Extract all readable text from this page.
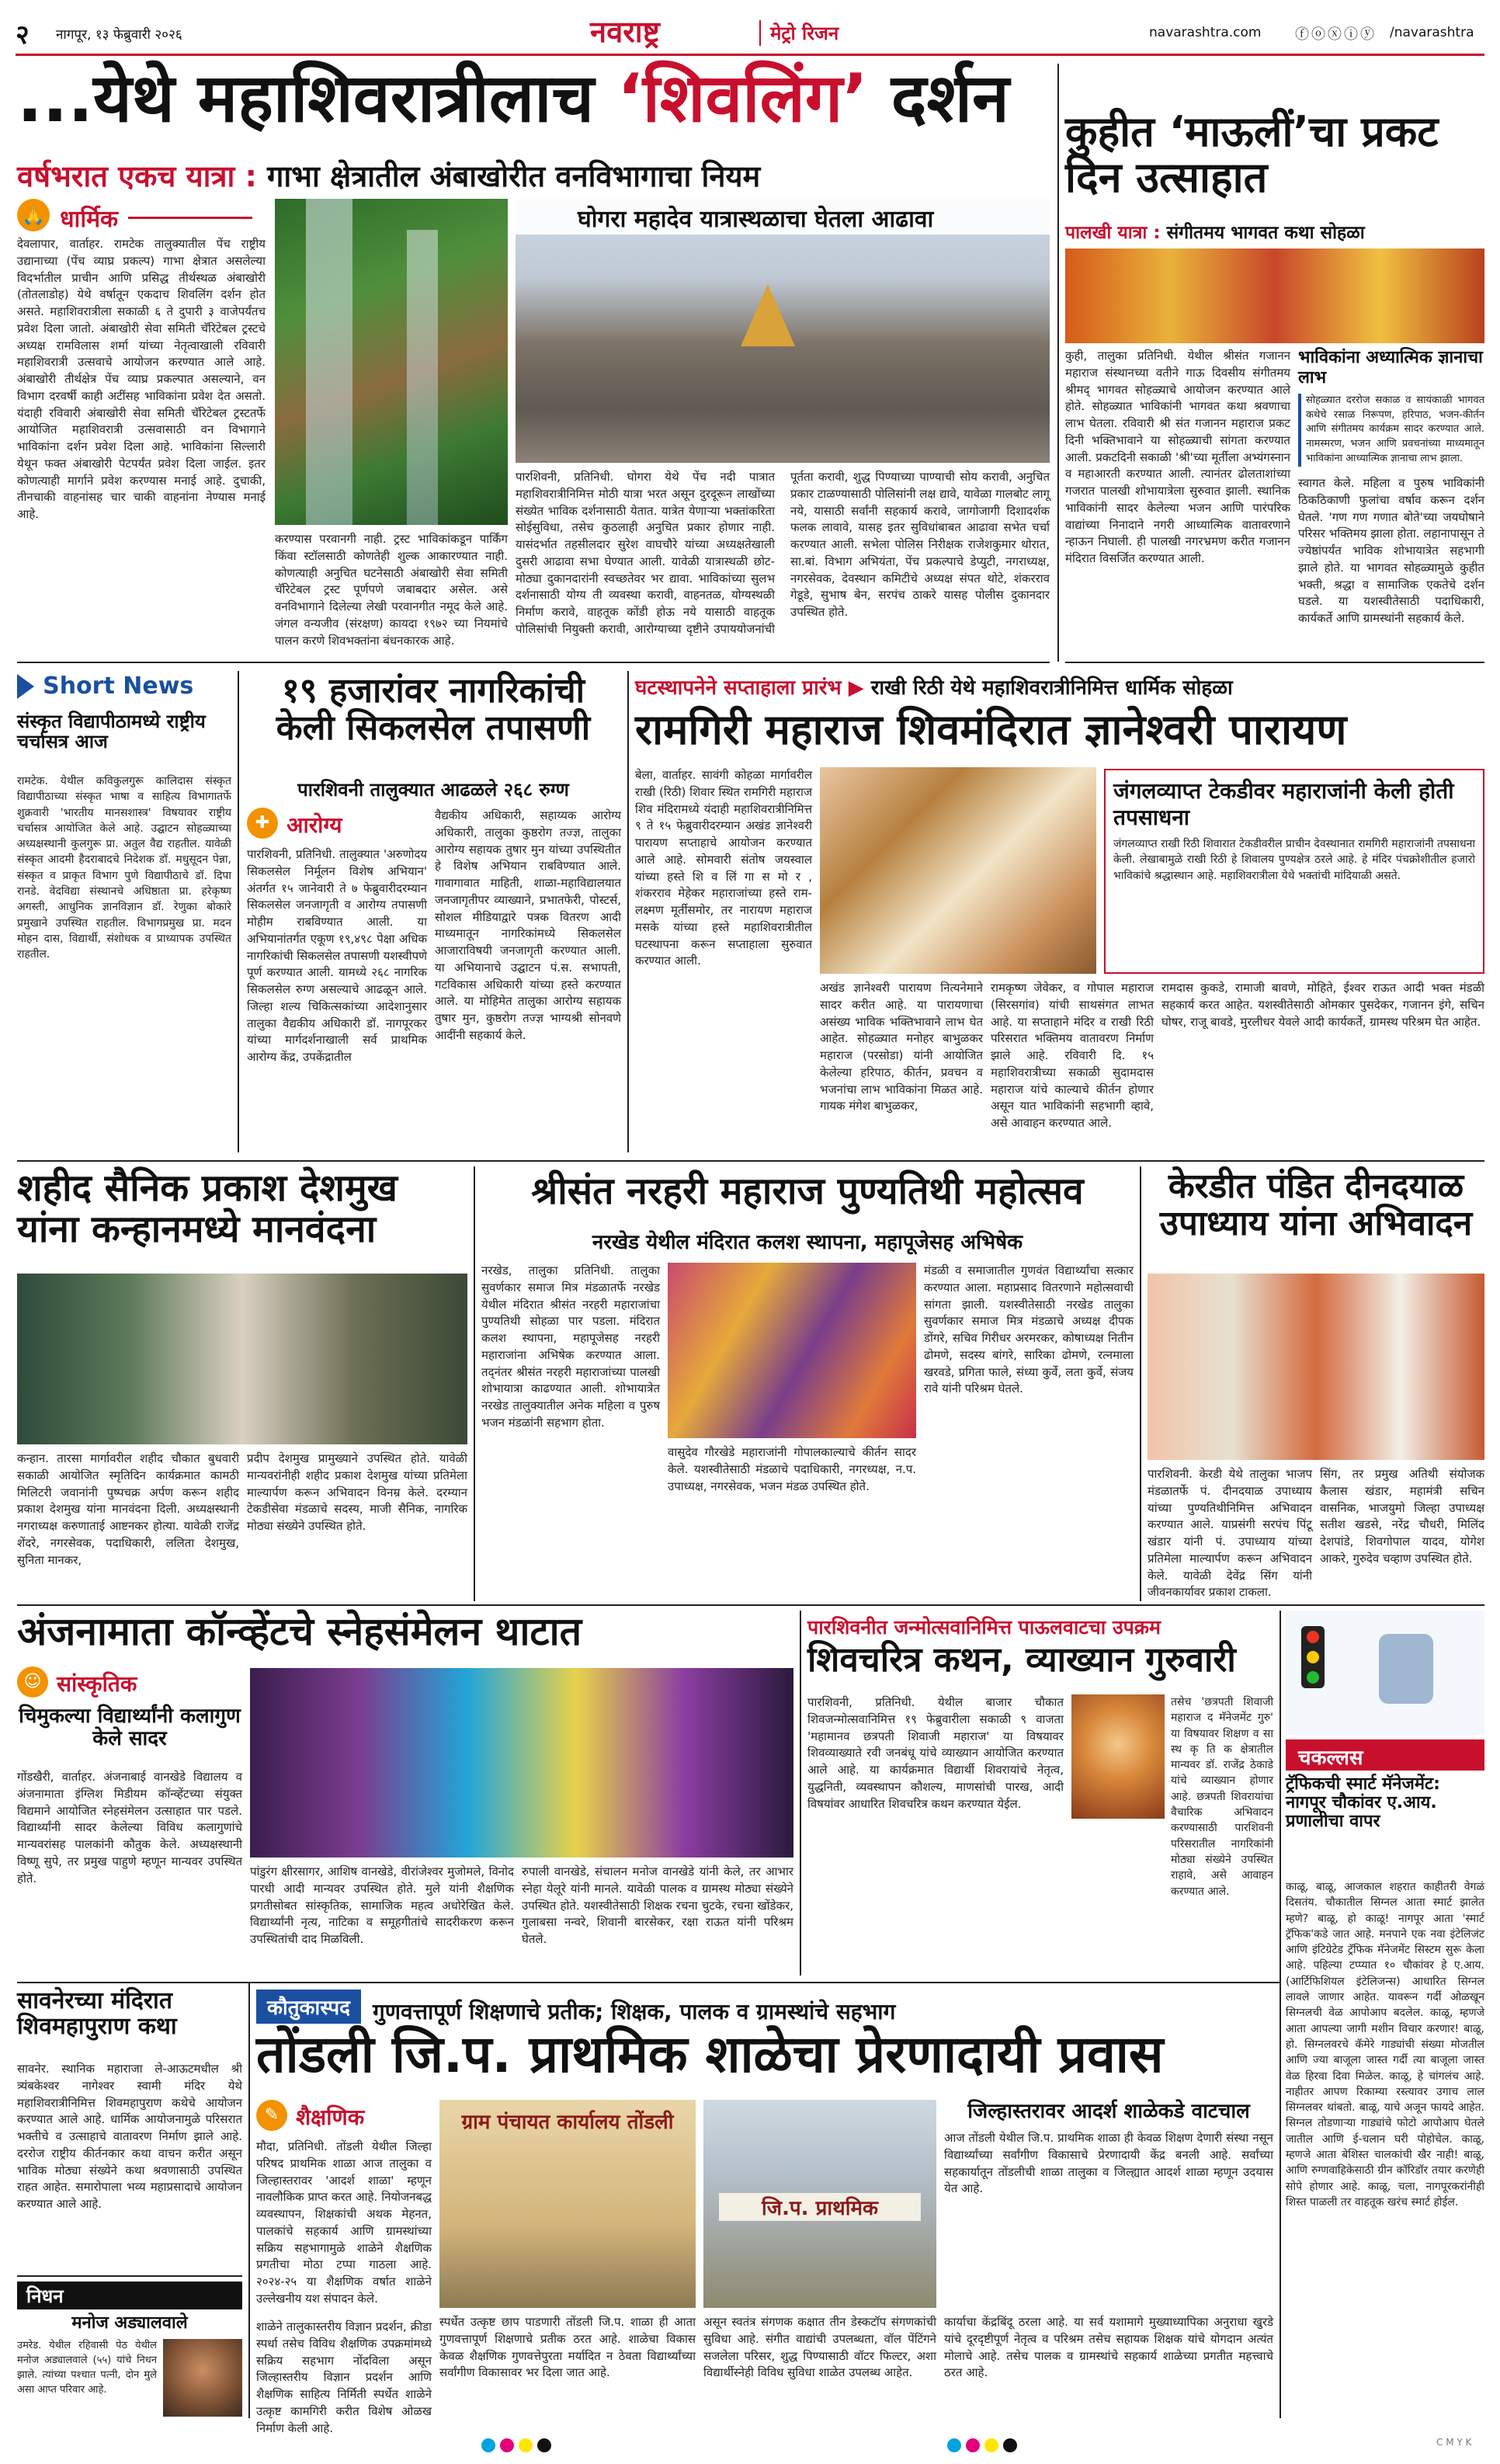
२ नागपूर, १३ फेब्रुवारी २०२६	नवराष्ट्र	मेट्रो रिजन	navarashtra.com ⓕⓞⓧⓘⓨ /navarashtra
...येथे महाशिवरात्रीलाच ‘शिवलिंग’ दर्शन
वर्षभरात एकच यात्रा : गाभा क्षेत्रातील अंबाखोरीत वनविभागाचा नियम
🙏 धार्मिक
देवलापार, वार्ताहर. रामटेक तालुक्यातील पेंच राष्ट्रीय उद्यानाच्या (पेंच व्याघ्र प्रकल्प) गाभा क्षेत्रात असलेल्या विदर्भातील प्राचीन आणि प्रसिद्ध तीर्थस्थळ अंबाखोरी (तोतलाडोह) येथे वर्षातून एकदाच शिवलिंग दर्शन होत असते. महाशिवरात्रीला सकाळी ६ ते दुपारी ३ वाजेपर्यंतच प्रवेश दिला जातो. अंबाखोरी सेवा समिती चॅरिटेबल ट्रस्टचे अध्यक्ष रामविलास शर्मा यांच्या नेतृत्वाखाली रविवारी महाशिवरात्री उत्सवाचे आयोजन करण्यात आले आहे. अंबाखोरी तीर्थक्षेत्र पेंच व्याघ्र प्रकल्पात असल्याने, वन विभाग दरवर्षी काही अटींसह भाविकांना प्रवेश देत असतो. यंदाही रविवारी अंबाखोरी सेवा समिती चॅरिटेबल ट्रस्टतर्फे आयोजित महाशिवरात्री उत्सवासाठी वन विभागाने भाविकांना दर्शन प्रवेश दिला आहे. भाविकांना सिल्लारी येथून फक्त अंबाखोरी पेटपर्यंत प्रवेश दिला जाईल. इतर कोणत्याही मार्गाने प्रवेश करण्यास मनाई आहे. दुचाकी, तीनचाकी वाहनांसह चार चाकी वाहनांना नेण्यास मनाई आहे.
करण्यास परवानगी नाही. ट्रस्ट भाविकांकडून पार्किंग किंवा स्टॉलसाठी कोणतेही शुल्क आकारण्यात नाही. कोणत्याही अनुचित घटनेसाठी अंबाखोरी सेवा समिती चॅरिटेबल ट्रस्ट पूर्णपणे जबाबदार असेल. असे वनविभागाने दिलेल्या लेखी परवानगीत नमूद केले आहे. जंगल वन्यजीव (संरक्षण) कायदा १९७२ च्या नियमांचे पालन करणे शिवभक्तांना बंधनकारक आहे.
घोगरा महादेव यात्रास्थळाचा घेतला आढावा
पारशिवनी, प्रतिनिधी. घोगरा येथे पेंच नदी पात्रात महाशिवरात्रीनिमित्त मोठी यात्रा भरत असून दुरदूरून लाखोंच्या संख्येत भाविक दर्शनासाठी येतात. यात्रेत येणाऱ्या भक्तांकरिता सोईसुविधा, तसेच कुठलाही अनुचित प्रकार होणार नाही. यासंदर्भात तहसीलदार सुरेश वाघचौरे यांच्या अध्यक्षतेखाली दुसरी आढावा सभा घेण्यात आली. यावेळी यात्रास्थळी छोट-मोठ्या दुकानदारांनी स्वच्छतेवर भर द्यावा. भाविकांच्या सुलभ दर्शनासाठी योग्य ती व्यवस्था करावी, वाहनतळ, योग्यस्थळी निर्माण करावे, वाहतूक कोंडी होऊ नये यासाठी वाहतूक पोलिसांची नियुक्ती करावी, आरोग्याच्या दृष्टीने उपाययोजनांची पूर्तता करावी, शुद्ध पिण्याच्या पाण्याची सोय करावी, अनुचित प्रकार टाळण्यासाठी पोलिसांनी लक्ष द्यावे, यावेळा गालबोट लागू नये, यासाठी सर्वांनी सहकार्य करावे, जागोजागी दिशादर्शक फलक लावावे, यासह इतर सुविधांबाबत आढावा सभेत चर्चा करण्यात आली. सभेला पोलिस निरीक्षक राजेशकुमार थोरात, सा.बां. विभाग अभियंता, पेंच प्रकल्पाचे डेप्युटी, नगराध्यक्ष, नगरसेवक, देवस्थान कमिटीचे अध्यक्ष संपत थोटे, शंकरराव गेडूडे, सुभाष बेन, सरपंच ठाकरे यासह पोलीस दुकानदार उपस्थित होते.
कुहीत ‘माऊलीं’चा प्रकट दिन उत्साहात
पालखी यात्रा : संगीतमय भागवत कथा सोहळा
भाविकांना अध्यात्मिक ज्ञानाचा लाभ
सोहळ्यात दररोज सकाळ व सायंकाळी भागवत कथेचे रसाळ निरूपण, हरिपाठ, भजन-कीर्तन आणि संगीतमय कार्यक्रम सादर करण्यात आले. नामस्मरण, भजन आणि प्रवचनांच्या माध्यमातून भाविकांना आध्यात्मिक ज्ञानाचा लाभ झाला.
कुही, तालुका प्रतिनिधी. येथील श्रीसंत गजानन महाराज संस्थानच्या वतीने गाऊ दिवसीय संगीतमय श्रीमद् भागवत सोहळ्याचे आयोजन करण्यात आले होते. सोहळ्यात भाविकांनी भागवत कथा श्रवणाचा लाभ घेतला. रविवारी श्री संत गजानन महाराज प्रकट दिनी भक्तिभावाने या सोहळ्याची सांगता करण्यात आली. प्रकटदिनी सकाळी 'श्री'च्या मूर्तीला अभ्यंगस्नान व महाआरती करण्यात आली. त्यानंतर ढोलताशांच्या गजरात पालखी शोभायात्रेला सुरुवात झाली. स्थानिक भाविकांनी सादर केलेल्या भजन आणि पारंपरिक वाद्यांच्या निनादाने नगरी आध्यात्मिक वातावरणाने न्हाऊन निघाली. ही पालखी नगरभ्रमण करीत गजानन मंदिरात विसर्जित करण्यात आली.
स्वागत केले. महिला व पुरुष भाविकांनी ठिकठिकाणी फुलांचा वर्षाव करून दर्शन घेतले. 'गण गण गणात बोते'च्या जयघोषाने परिसर भक्तिमय झाला होता. लहानापासून ते ज्येष्ठांपर्यंत भाविक शोभायात्रेत सहभागी झाले होते. या भागवत सोहळ्यामुळे कुहीत भक्ती, श्रद्धा व सामाजिक एकतेचे दर्शन घडले. या यशस्वीतेसाठी पदाधिकारी, कार्यकर्ते आणि ग्रामस्थांनी सहकार्य केले.
Short News
संस्कृत विद्यापीठामध्ये राष्ट्रीय चर्चासत्र आज
रामटेक. येथील कविकुलगुरू कालिदास संस्कृत विद्यापीठाच्या संस्कृत भाषा व साहित्य विभागातर्फे शुक्रवारी 'भारतीय मानसशास्त्र' विषयावर राष्ट्रीय चर्चासत्र आयोजित केले आहे. उद्घाटन सोहळ्याच्या अध्यक्षस्थानी कुलगुरू प्रा. अतुल वैद्य राहतील. यावेळी संस्कृत आदमी हैदराबादचे निदेशक डॉ. मधुसूदन पेन्ना, संस्कृत व प्राकृत विभाग पुणे विद्यापीठाचे डॉ. दिपा रानडे. वेदविद्या संस्थानचे अधिष्ठाता प्रा. हरेकृष्ण अगस्ती, आधुनिक ज्ञानविज्ञान डॉ. रेणुका बोकारे प्रमुखाने उपस्थित राहतील. विभागप्रमुख प्रा. मदन मोहन दास, विद्यार्थी, संशोधक व प्राध्यापक उपस्थित राहतील.
१९ हजारांवर नागरिकांची केली सिकलसेल तपासणी
पारशिवनी तालुक्यात आढळले २६८ रुग्ण
✚ आरोग्य
पारशिवनी, प्रतिनिधी. तालुक्यात 'अरुणोदय सिकलसेल निर्मूलन विशेष अभियान' अंतर्गत १५ जानेवारी ते ७ फेब्रुवारीदरम्यान सिकलसेल जनजागृती व आरोग्य तपासणी मोहीम राबविण्यात आली. या अभियानांतर्गत एकूण १९,४९८ पेक्षा अधिक नागरिकांची सिकलसेल तपासणी यशस्वीपणे पूर्ण करण्यात आली. यामध्ये २६८ नागरिक सिकलसेल रुग्ण असल्याचे आढळून आले. जिल्हा शल्य चिकित्सकांच्या आदेशानुसार तालुका वैद्यकीय अधिकारी डॉ. नागपूरकर यांच्या मार्गदर्शनाखाली सर्व प्राथमिक आरोग्य केंद्र, उपकेंद्रातील
वैद्यकीय अधिकारी, सहाय्यक आरोग्य अधिकारी, तालुका कुष्ठरोग तज्ज्ञ, तालुका आरोग्य सहायक तुषार मुन यांच्या उपस्थितीत हे विशेष अभियान राबविण्यात आले. गावागावात माहिती, शाळा-महाविद्यालयात जनजागृतीपर व्याख्याने, प्रभातफेरी, पोस्टर्स, सोशल मीडियाद्वारे पत्रक वितरण आदी माध्यमातून नागरिकांमध्ये सिकलसेल आजाराविषयी जनजागृती करण्यात आली. या अभियानाचे उद्घाटन पं.स. सभापती, गटविकास अधिकारी यांच्या हस्ते करण्यात आले. या मोहिमेत तालुका आरोग्य सहायक तुषार मुन, कुष्ठरोग तज्ज्ञ भाग्यश्री सोनवणे आदींनी सहकार्य केले.
घटस्थापनेने सप्ताहाला प्रारंभ ▶ राखी रिठी येथे महाशिवरात्रीनिमित्त धार्मिक सोहळा
रामगिरी महाराज शिवमंदिरात ज्ञानेश्वरी पारायण
बेला, वार्ताहर. सावंगी कोहळा मार्गावरील राखी (रिठी) शिवार स्थित रामगिरी महाराज शिव मंदिरामध्ये यंदाही महाशिवरात्रीनिमित्त ९ ते १५ फेब्रुवारीदरम्यान अखंड ज्ञानेश्वरी पारायण सप्ताहाचे आयोजन करण्यात आले आहे. सोमवारी संतोष जयस्वाल यांच्या हस्ते शि व लिं गा स मो र , शंकरराव मेहेकर महाराजांच्या हस्ते राम-लक्ष्मण मूर्तीसमोर, तर नारायण महाराज मसके यांच्या हस्ते महाशिवरात्रीतील घटस्थापना करून सप्ताहाला सुरुवात करण्यात आली.
जंगलव्याप्त टेकडीवर महाराजांनी केली होती तपसाधना
जंगलव्याप्त राखी रिठी शिवारात टेकडीवरील प्राचीन देवस्थानात रामगिरी महाराजांनी तपसाधना केली. लेखाबामुळे राखी रिठी हे शिवालय पुण्यक्षेत्र ठरले आहे. हे मंदिर पंचक्रोशीतील हजारो भाविकांचे श्रद्धास्थान आहे. महाशिवरात्रीला येथे भक्तांची मांदियाळी असते.
अखंड ज्ञानेश्वरी पारायण नित्यनेमाने सादर करीत आहे. या पारायणाचा असंख्य भाविक भक्तिभावाने लाभ घेत आहेत. सोहळ्यात मनोहर बाभुळकर महाराज (परसोडा) यांनी आयोजित केलेल्या हरिपाठ, कीर्तन, प्रवचन व भजनांचा लाभ भाविकांना मिळत आहे. गायक मंगेश बाभुळकर,
रामकृष्ण जेवेकर, व गोपाल महाराज (सिरसगांव) यांची साथसंगत लाभत आहे. या सप्ताहाने मंदिर व राखी रिठी परिसरात भक्तिमय वातावरण निर्माण झाले आहे. रविवारी दि. १५ महाशिवरात्रीच्या सकाळी सुदामदास महाराज यांचे काल्याचे कीर्तन होणार असून यात भाविकांनी सहभागी व्हावे, असे आवाहन करण्यात आले.
रामदास कुकडे, रामाजी बावणे, मोहिते, ईश्वर राऊत आदी भक्त मंडळी सहकार्य करत आहेत. यशस्वीतेसाठी ओमकार पुसदेकर, गजानन इंगे, सचिन घोषर, राजू बावडे, मुरलीधर येवले आदी कार्यकर्ते, ग्रामस्थ परिश्रम घेत आहेत.
शहीद सैनिक प्रकाश देशमुख यांना कन्हानमध्ये मानवंदना
कन्हान. तारसा मार्गावरील शहीद चौकात बुधवारी सकाळी आयोजित स्मृतिदिन कार्यक्रमात कामठी मिलिटरी जवानांनी पुष्पचक्र अर्पण करून शहीद प्रकाश देशमुख यांना मानवंदना दिली. अध्यक्षस्थानी नगराध्यक्ष करुणाताई आष्टनकर होत्या. यावेळी राजेंद्र शेंदरे, नगरसेवक, पदाधिकारी, ललिता देशमुख, सुनिता मानकर,
प्रदीप देशमुख प्रामुख्याने उपस्थित होते. यावेळी मान्यवरांनीही शहीद प्रकाश देशमुख यांच्या प्रतिमेला माल्यार्पण करून अभिवादन विनम्र केले. दरम्यान टेकडीसेवा मंडळाचे सदस्य, माजी सैनिक, नागरिक मोठ्या संख्येने उपस्थित होते.
श्रीसंत नरहरी महाराज पुण्यतिथी महोत्सव
नरखेड येथील मंदिरात कलश स्थापना, महापूजेसह अभिषेक
नरखेड, तालुका प्रतिनिधी. तालुका सुवर्णकार समाज मित्र मंडळातर्फे नरखेड येथील मंदिरात श्रीसंत नरहरी महाराजांचा पुण्यतिथी सोहळा पार पडला. मंदिरात कलश स्थापना, महापूजेसह नरहरी महाराजांना अभिषेक करण्यात आला. तद्नंतर श्रीसंत नरहरी महाराजांच्या पालखी शोभायात्रा काढण्यात आली. शोभायात्रेत नरखेड तालुक्यातील अनेक महिला व पुरुष भजन मंडळांनी सहभाग होता.
वासुदेव गौरखेडे महाराजांनी गोपालकाल्याचे कीर्तन सादर केले. यशस्वीतेसाठी मंडळाचे पदाधिकारी, नगरध्यक्ष, न.प. उपाध्यक्ष, नगरसेवक, भजन मंडळ उपस्थित होते.
मंडळी व समाजातील गुणवंत विद्यार्थ्यांचा सत्कार करण्यात आला. महाप्रसाद वितरणाने महोत्सवाची सांगता झाली. यशस्वीतेसाठी नरखेड तालुका सुवर्णकार समाज मित्र मंडळाचे अध्यक्ष दीपक डोंगरे, सचिव गिरीधर अरमरकर, कोषाध्यक्ष नितीन ढोमणे, सदस्य बांगरे, सारिका ढोमणे, रत्नमाला खरवडे, प्रगिता फाले, संध्या कुर्वे, लता कुर्वे, संजय रावे यांनी परिश्रम घेतले.
केरडीत पंडित दीनदयाळ उपाध्याय यांना अभिवादन
पारशिवनी. केरडी येथे तालुका भाजप मंडळातर्फे पं. दीनदयाळ उपाध्याय यांच्या पुण्यतिथीनिमित्त अभिवादन करण्यात आले. याप्रसंगी सरपंच पिंटू खंडार यांनी पं. उपाध्याय यांच्या प्रतिमेला माल्यार्पण करून अभिवादन केले. यावेळी देवेंद्र सिंग यांनी जीवनकार्यावर प्रकाश टाकला.
सिंग, तर प्रमुख अतिथी संयोजक कैलास खंडार, महामंत्री सचिन वासनिक, भाजयुमो जिल्हा उपाध्यक्ष सतीश खडसे, नरेंद्र चौधरी, मिलिंद देशपांडे, शिवगोपाल यादव, योगेश आकरे, गुरुदेव चव्हाण उपस्थित होते.
अंजनामाता कॉन्व्हेंटचे स्नेहसंमेलन थाटात
☺ सांस्कृतिक
चिमुकल्या विद्यार्थ्यांनी कलागुण केले सादर
गोंडखैरी, वार्ताहर. अंजनाबाई वानखेडे विद्यालय व अंजनामाता इंग्लिश मिडीयम कॉन्व्हेंटच्या संयुक्त विद्यमाने आयोजित स्नेहसंमेलन उत्साहात पार पडले. विद्यार्थ्यांनी सादर केलेल्या विविध कलागुणांचे मान्यवरांसह पालकांनी कौतुक केले. अध्यक्षस्थानी विष्णू सुपे, तर प्रमुख पाहुणे म्हणून मान्यवर उपस्थित होते.	पांडुरंग क्षीरसागर, आशिष वानखेडे, वीरांजेश्वर मुजोमले, विनोद पारधी आदी मान्यवर उपस्थित होते. मुले यांनी शैक्षणिक प्रगतीसोबत सांस्कृतिक, सामाजिक महत्व अधोरेखित केले. विद्यार्थ्यांनी नृत्य, नाटिका व समूहगीतांचे सादरीकरण करून उपस्थितांची दाद मिळविली.
रुपाली वानखेडे, संचालन मनोज वानखेडे यांनी केले, तर आभार स्नेहा येलूरे यांनी मानले. यावेळी पालक व ग्रामस्थ मोठ्या संख्येने उपस्थित होते. यशस्वीतेसाठी शिक्षक रचना चुटके, रचना खोंडेकर, गुलाबसा नन्वरे, शिवानी बारसेकर, रक्षा राऊत यांनी परिश्रम घेतले.
पारशिवनीत जन्मोत्सवानिमित्त पाऊलवाटचा उपक्रम
शिवचरित्र कथन, व्याख्यान गुरुवारी
पारशिवनी, प्रतिनिधी. येथील बाजार चौकात शिवजन्मोत्सवानिमित्त १९ फेब्रुवारीला सकाळी ९ वाजता 'महामानव छत्रपती शिवाजी महाराज' या विषयावर शिवव्याख्याते रवी जनबंधू यांचे व्याख्यान आयोजित करण्यात आले आहे. या कार्यक्रमात विद्यार्थी शिवरायांचे नेतृत्व, युद्धनिती, व्यवस्थापन कौशल्य, माणसांची पारख, आदी विषयांवर आधारित शिवचरित्र कथन करण्यात येईल.
तसेच 'छत्रपती शिवाजी महाराज द मॅनेजमेंट गुरु' या विषयावर शिक्षण व सा स्थ कृ ति क क्षेत्रातील मान्यवर डॉ. राजेंद्र ठेकाडे यांचे व्याख्यान होणार आहे. छत्रपती शिवरायांचा वैचारिक अभिवादन करण्यासाठी पारशिवनी परिसरातील नागरिकांनी मोठ्या संख्येने उपस्थित राहावे, असे आवाहन करण्यात आले.
चकल्लस
ट्रॅफिकची स्मार्ट मॅनेजमेंट: नागपूर चौकांवर ए.आय. प्रणालीचा वापर
काळू, बाळू, आजकाल शहरात काहीतरी वेगळं दिसतंय. चौकातील सिग्नल आता स्मार्ट झालेत म्हणे? बाळू, हो काळू! नागपूर आता 'स्मार्ट ट्रॅफिक'कडे जात आहे. मनपाने एक नवा इंटेलिजंट आणि इंटिग्रेटेड ट्रॅफिक मॅनेजमेंट सिस्टम सुरू केला आहे. पहिल्या टप्प्यात १० चौकांवर हे ए.आय. (आर्टिफिशियल इंटेलिजन्स) आधारित सिग्नल लावले जाणार आहेत. यावरून गर्दी ओळखून सिग्नलची वेळ आपोआप बदलेल. काळू, म्हणजे आता आपल्या जागी मशीन विचार करणार! बाळू, हो. सिग्नलवरचे कॅमेरे गाड्यांची संख्या मोजतील आणि ज्या बाजूला जास्त गर्दी त्या बाजूला जास्त वेळ हिरवा दिवा मिळेल. काळू, हे चांगलंच आहे. नाहीतर आपण रिकाम्या रस्त्यावर उगाच लाल सिग्नलवर थांबतो. बाळू, याचे अजून फायदे आहेत. सिग्नल तोडणाऱ्या गाड्यांचे फोटो आपोआप घेतले जातील आणि ई-चलान घरी पोहोचेल. काळू, म्हणजे आता बेशिस्त चालकांची खैर नाही! बाळू, आणि रुग्णवाहिकेसाठी ग्रीन कॉरिडॉर तयार करणेही सोपे होणार आहे. काळू, चला, नागपूरकरांनीही शिस्त पाळली तर वाहतूक खरंच स्मार्ट होईल.
सावनेरच्या मंदिरात शिवमहापुराण कथा
सावनेर. स्थानिक महाराजा ले-आऊटमधील श्री त्र्यंबकेश्वर नागेश्वर स्वामी मंदिर येथे महाशिवरात्रीनिमित्त शिवमहापुराण कथेचे आयोजन करण्यात आले आहे. धार्मिक आयोजनामुळे परिसरात भक्तीचे व उत्साहाचे वातावरण निर्माण झाले आहे. दररोज राष्ट्रीय कीर्तनकार कथा वाचन करीत असून भाविक मोठ्या संख्येने कथा श्रवणासाठी उपस्थित राहत आहेत. समारोपाला भव्य महाप्रसादाचे आयोजन करण्यात आले आहे.
निधन
मनोज अड्यालवाले
उमरेड. येथील रहिवासी पेठ येथील मनोज अड्यालवाले (५५) यांचे निधन झाले. त्यांच्या पश्चात पत्नी, दोन मुले असा आप्त परिवार आहे.
कौतुकास्पद गुणवत्तापूर्ण शिक्षणाचे प्रतीक; शिक्षक, पालक व ग्रामस्थांचे सहभाग
तोंडली जि.प. प्राथमिक शाळेचा प्रेरणादायी प्रवास
✎ शैक्षणिक
मौदा, प्रतिनिधी. तोंडली येथील जिल्हा परिषद प्राथमिक शाळा आज तालुका व जिल्हास्तरावर 'आदर्श शाळा' म्हणून नावलौकिक प्राप्त करत आहे. नियोजनबद्ध व्यवस्थापन, शिक्षकांची अथक मेहनत, पालकांचे सहकार्य आणि ग्रामस्थांच्या सक्रिय सहभागामुळे शाळेने शैक्षणिक प्रगतीचा मोठा टप्पा गाठला आहे. २०२४-२५ या शैक्षणिक वर्षात शाळेने उल्लेखनीय यश संपादन केले.
ग्राम पंचायत कार्यालय तोंडली
जि.प. प्राथमिक
जिल्हास्तरावर आदर्श शाळेकडे वाटचाल
आज तोंडली येथील जि.प. प्राथमिक शाळा ही केवळ शिक्षण देणारी संस्था नसून विद्यार्थ्यांच्या सर्वांगीण विकासाचे प्रेरणादायी केंद्र बनली आहे. सर्वांच्या सहकार्यातून तोंडलीची शाळा तालुका व जिल्ह्यात आदर्श शाळा म्हणून उदयास येत आहे.
शाळेने तालुकास्तरीय विज्ञान प्रदर्शन, क्रीडा स्पर्धा तसेच विविध शैक्षणिक उपक्रमांमध्ये सक्रिय सहभाग नोंदविला असून जिल्हास्तरीय विज्ञान प्रदर्शन आणि शैक्षणिक साहित्य निर्मिती स्पर्धेत शाळेने उत्कृष्ट कामगिरी करीत विशेष ओळख निर्माण केली आहे.
स्पर्धेत उत्कृष्ट छाप पाडणारी तोंडली जि.प. शाळा ही आता गुणवत्तापूर्ण शिक्षणाचे प्रतीक ठरत आहे. शाळेचा विकास केवळ शैक्षणिक गुणवत्तेपुरता मर्यादित न ठेवता विद्यार्थ्यांच्या सर्वांगीण विकासावर भर दिला जात आहे.
असून स्वतंत्र संगणक कक्षात तीन डेस्कटॉप संगणकांची सुविधा आहे. संगीत वाद्यांची उपलब्धता, वॉल पेंटिंगने सजलेला परिसर, शुद्ध पिण्यासाठी वॉटर फिल्टर, अशा विद्यार्थीस्नेही विविध सुविधा शाळेत उपलब्ध आहेत.
कार्याचा केंद्रबिंदू ठरला आहे. या सर्व यशामागे मुख्याध्यापिका अनुराधा खुरडे यांचे दूरदृष्टीपूर्ण नेतृत्व व परिश्रम तसेच सहायक शिक्षक यांचे योगदान अत्यंत मोलाचे आहे. तसेच पालक व ग्रामस्थांचे सहकार्य शाळेच्या प्रगतीत महत्त्वाचे ठरत आहे.
C M Y K
